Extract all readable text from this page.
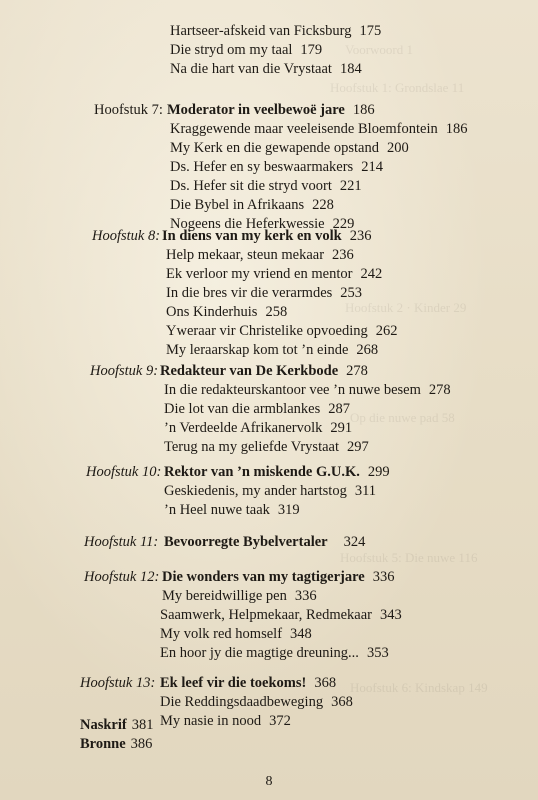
Voorwoord 1
Hoofstuk 1: Grondslae 11
Hoofstuk 2 · Kinder 29
Op die nuwe pad 58
Hoofstuk 5: Die nuwe 116
Hoofstuk 6: Kindskap 149
Hartseer-afskeid van Ficksburg 175
Die stryd om my taal 179
Na die hart van die Vrystaat 184
Hoofstuk 7: Moderator in veelbewoë jare 186
Kraggewende maar veeleisende Bloemfontein 186
My Kerk en die gewapende opstand 200
Ds. Hefer en sy beswaarmakers 214
Ds. Hefer sit die stryd voort 221
Die Bybel in Afrikaans 228
Nogeens die Heferkwessie 229
Hoofstuk 8: In diens van my kerk en volk 236
Help mekaar, steun mekaar 236
Ek verloor my vriend en mentor 242
In die bres vir die verarmdes 253
Ons Kinderhuis 258
Yweraar vir Christelike opvoeding 262
My leraarskap kom tot ’n einde 268
Hoofstuk 9: Redakteur van De Kerkbode 278
In die redakteurskantoor vee ’n nuwe besem 278
Die lot van die armblankes 287
’n Verdeelde Afrikanervolk 291
Terug na my geliefde Vrystaat 297
Hoofstuk 10: Rektor van ’n miskende G.U.K. 299
Geskiedenis, my ander hartstog 311
’n Heel nuwe taak 319
Hoofstuk 11: Bevoorregte Bybelvertaler 324
Hoofstuk 12: Die wonders van my tagtigerjare 336
My bereidwillige pen 336
Saamwerk, Helpmekaar, Redmekaar 343
My volk red homself 348
En hoor jy die magtige dreuning... 353
Hoofstuk 13: Ek leef vir die toekoms! 368
Die Reddingsdaadbeweging 368
My nasie in nood 372
Naskrif 381
Bronne 386
8
